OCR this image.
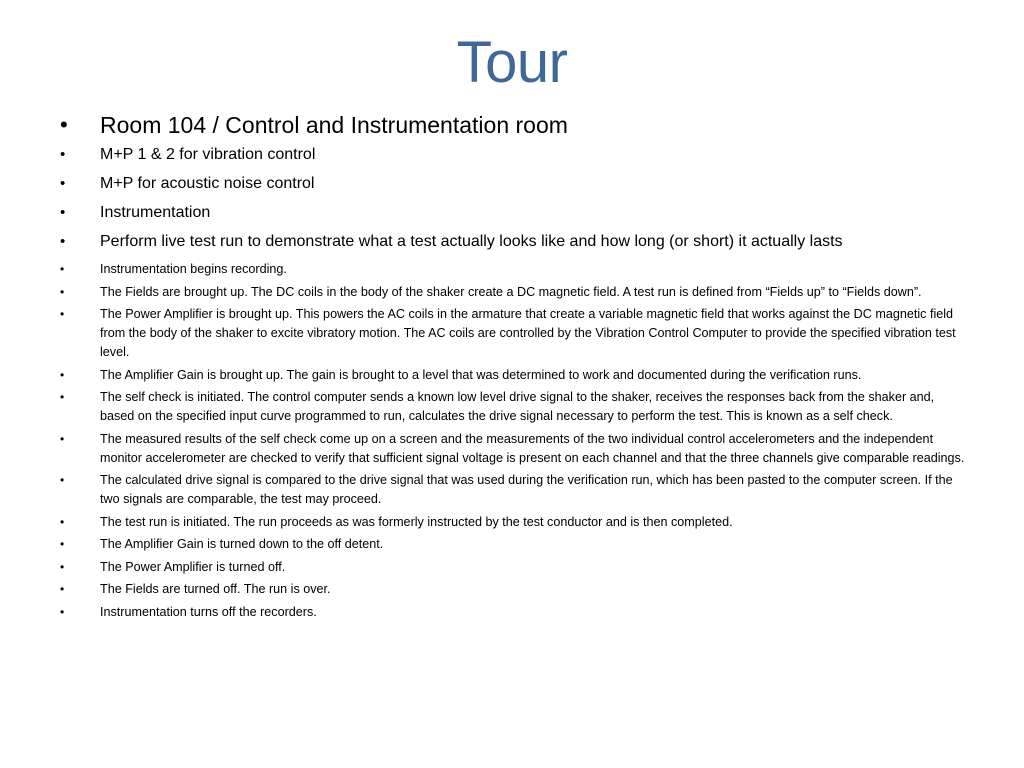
Tour
• Room 104 / Control and Instrumentation room
• M+P 1 & 2 for vibration control
• M+P for acoustic noise control
• Instrumentation
• Perform live test run to demonstrate what a test actually looks like and how long (or short) it actually lasts
•	Instrumentation begins recording.
•	The Fields are brought up. The DC coils in the body of the shaker create a DC magnetic field. A test run is defined from “Fields up” to “Fields down”.
•	The Power Amplifier is brought up. This powers the AC coils in the armature that create a variable magnetic field that works against the DC magnetic field from the body of the shaker to excite vibratory motion. The AC coils are controlled by the Vibration Control Computer to provide the specified vibration test level.
•	The Amplifier Gain is brought up. The gain is brought to a level that was determined to work and documented during the verification runs.
•	The self check is initiated. The control computer sends a known low level drive signal to the shaker, receives the responses back from the shaker and, based on the specified input curve programmed to run, calculates the drive signal necessary to perform the test. This is known as a self check.
•	The measured results of the self check come up on a screen and the measurements of the two individual control accelerometers and the independent monitor accelerometer are checked to verify that sufficient signal voltage is present on each channel and that the three channels give comparable readings.
•	The calculated drive signal is compared to the drive signal that was used during the verification run, which has been pasted to the computer screen. If the two signals are comparable, the test may proceed.
•	The test run is initiated. The run proceeds as was formerly instructed by the test conductor and is then completed.
•	The Amplifier Gain is turned down to the off detent.
•	The Power Amplifier is turned off.
•	The Fields are turned off. The run is over.
•	Instrumentation turns off the recorders.
